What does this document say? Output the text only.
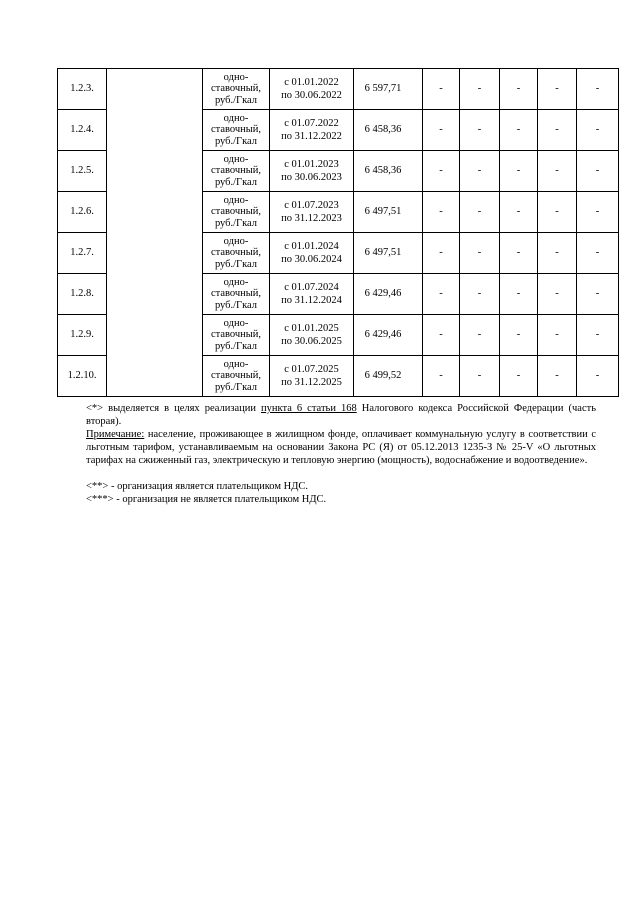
1.2.3.		одно-
ставочный,
руб./Гкал	с 01.01.2022
по 30.06.2022	6 597,71	-	-	-	-	-
1.2.4.		одно-
ставочный,
руб./Гкал	с 01.07.2022
по 31.12.2022	6 458,36	-	-	-	-	-
1.2.5.		одно-
ставочный,
руб./Гкал	с 01.01.2023
по 30.06.2023	6 458,36	-	-	-	-	-
1.2.6.		одно-
ставочный,
руб./Гкал	с 01.07.2023
по 31.12.2023	6 497,51	-	-	-	-	-
1.2.7.		одно-
ставочный,
руб./Гкал	с 01.01.2024
по 30.06.2024	6 497,51	-	-	-	-	-
1.2.8.		одно-
ставочный,
руб./Гкал	с 01.07.2024
по 31.12.2024	6 429,46	-	-	-	-	-
1.2.9.		одно-
ставочный,
руб./Гкал	с 01.01.2025
по 30.06.2025	6 429,46	-	-	-	-	-
1.2.10.		одно-
ставочный,
руб./Гкал	с 01.07.2025
по 31.12.2025	6 499,52	-	-	-	-	-

<*> выделяется в целях реализации пункта 6 статьи 168 Налогового кодекса Российской Федерации (часть вторая).

Примечание: население, проживающее в жилищном фонде, оплачивает коммунальную услугу в соответствии с льготным тарифом, устанавливаемым на основании Закона РС (Я) от 05.12.2013 1235-З № 25-V «О льготных тарифах на сжиженный газ, электрическую и тепловую энергию (мощность), водоснабжение и водоотведение».

<**> - организация является плательщиком НДС.

<***> - организация не является плательщиком НДС.
